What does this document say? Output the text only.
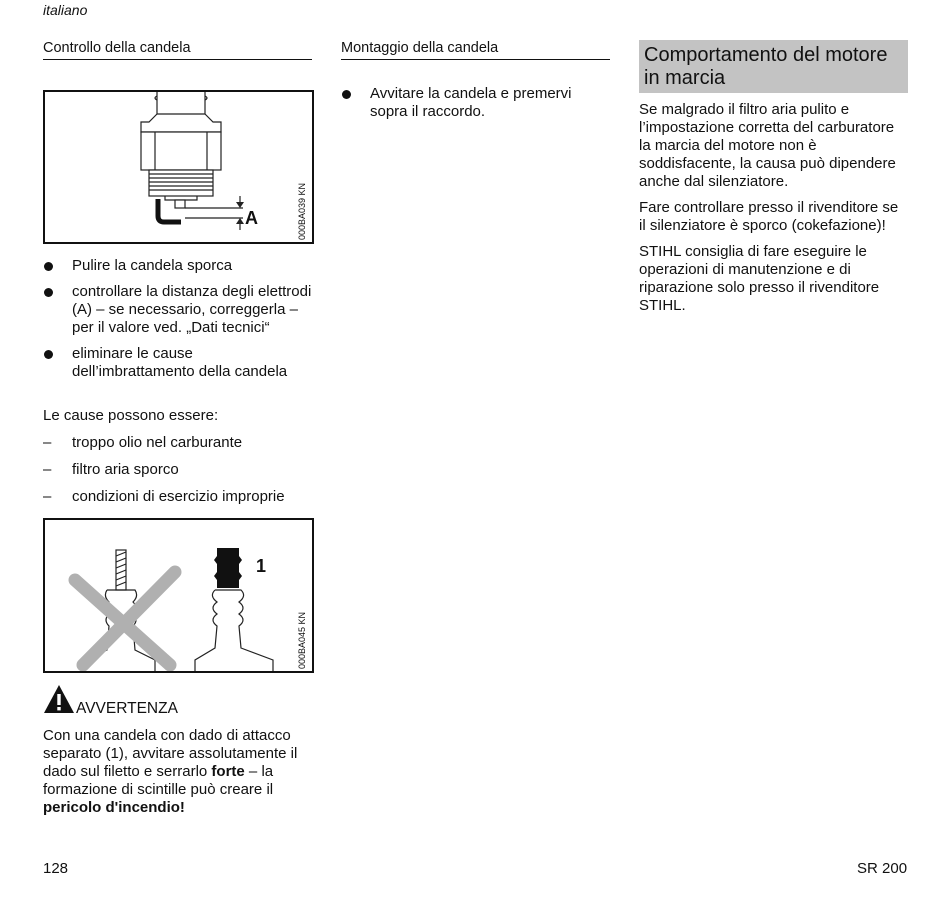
italiano
Controllo della candela
A	000BA039 KN
Pulire la candela sporca
controllare la distanza degli elettrodi (A) – se necessario, correggerla – per il valore ved. „Dati tecnici“
eliminare le cause dell’imbrattamento della candela
Le cause possono essere:
– troppo olio nel carburante
– filtro aria sporco
– condizioni di esercizio improprie
1
000BA045 KN
AVVERTENZA
Con una candela con dado di attacco separato (1), avvitare assolutamente il dado sul filetto e serrarlo forte – la formazione di scintille può creare il pericolo d'incendio!
Montaggio della candela
Avvitare la candela e premervi sopra il raccordo.
Comportamento del motore in marcia

Se malgrado il filtro aria pulito e l’impostazione corretta del carburatore la marcia del motore non è soddisfacente, la causa può dipendere anche dal silenziatore.

Fare controllare presso il rivenditore se il silenziatore è sporco (cokefazione)!

STIHL consiglia di fare eseguire le operazioni di manutenzione e di riparazione solo presso il rivenditore STIHL.

128	SR 200
